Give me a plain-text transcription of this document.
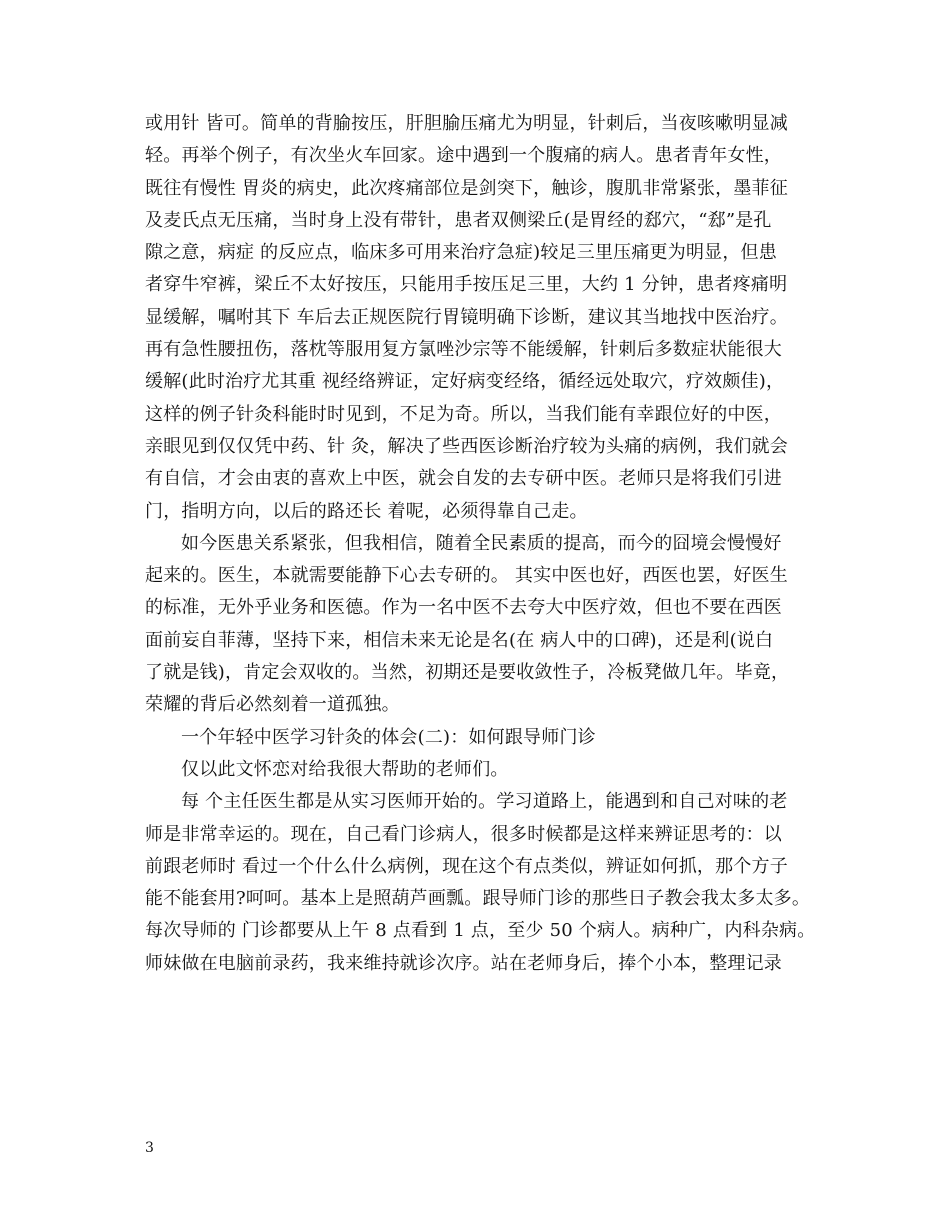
或用针 皆可。简单的背腧按压，肝胆腧压痛尤为明显，针刺后，当夜咳嗽明显减
轻。再举个例子，有次坐火车回家。途中遇到一个腹痛的病人。患者青年女性，
既往有慢性 胃炎的病史，此次疼痛部位是剑突下，触诊，腹肌非常紧张，墨菲征
及麦氏点无压痛，当时身上没有带针，患者双侧梁丘(是胃经的郄穴，“郄”是孔
隙之意，病症 的反应点，临床多可用来治疗急症)较足三里压痛更为明显，但患
者穿牛窄裤，梁丘不太好按压，只能用手按压足三里，大约 1 分钟，患者疼痛明
显缓解，嘱咐其下 车后去正规医院行胃镜明确下诊断，建议其当地找中医治疗。
再有急性腰扭伤，落枕等服用复方氯唑沙宗等不能缓解，针刺后多数症状能很大
缓解(此时治疗尤其重 视经络辨证，定好病变经络，循经远处取穴，疗效颇佳)，
这样的例子针灸科能时时见到，不足为奇。所以，当我们能有幸跟位好的中医，
亲眼见到仅仅凭中药、针 灸，解决了些西医诊断治疗较为头痛的病例，我们就会
有自信，才会由衷的喜欢上中医，就会自发的去专研中医。老师只是将我们引进
门，指明方向，以后的路还长 着呢，必须得靠自己走。
如今医患关系紧张，但我相信，随着全民素质的提高，而今的囧境会慢慢好
起来的。医生，本就需要能静下心去专研的。 其实中医也好，西医也罢，好医生
的标准，无外乎业务和医德。作为一名中医不去夸大中医疗效，但也不要在西医
面前妄自菲薄，坚持下来，相信未来无论是名(在 病人中的口碑)，还是利(说白
了就是钱)，肯定会双收的。当然，初期还是要收敛性子，冷板凳做几年。毕竟，
荣耀的背后必然刻着一道孤独。
一个年轻中医学习针灸的体会(二)：如何跟导师门诊
仅以此文怀恋对给我很大帮助的老师们。
每 个主任医生都是从实习医师开始的。学习道路上，能遇到和自己对味的老
师是非常幸运的。现在，自己看门诊病人，很多时候都是这样来辨证思考的：以
前跟老师时 看过一个什么什么病例，现在这个有点类似，辨证如何抓，那个方子
能不能套用?呵呵。基本上是照葫芦画瓢。跟导师门诊的那些日子教会我太多太多。
每次导师的 门诊都要从上午 8 点看到 1 点，至少 50 个病人。病种广，内科杂病。
师妹做在电脑前录药，我来维持就诊次序。站在老师身后，捧个小本，整理记录
3
